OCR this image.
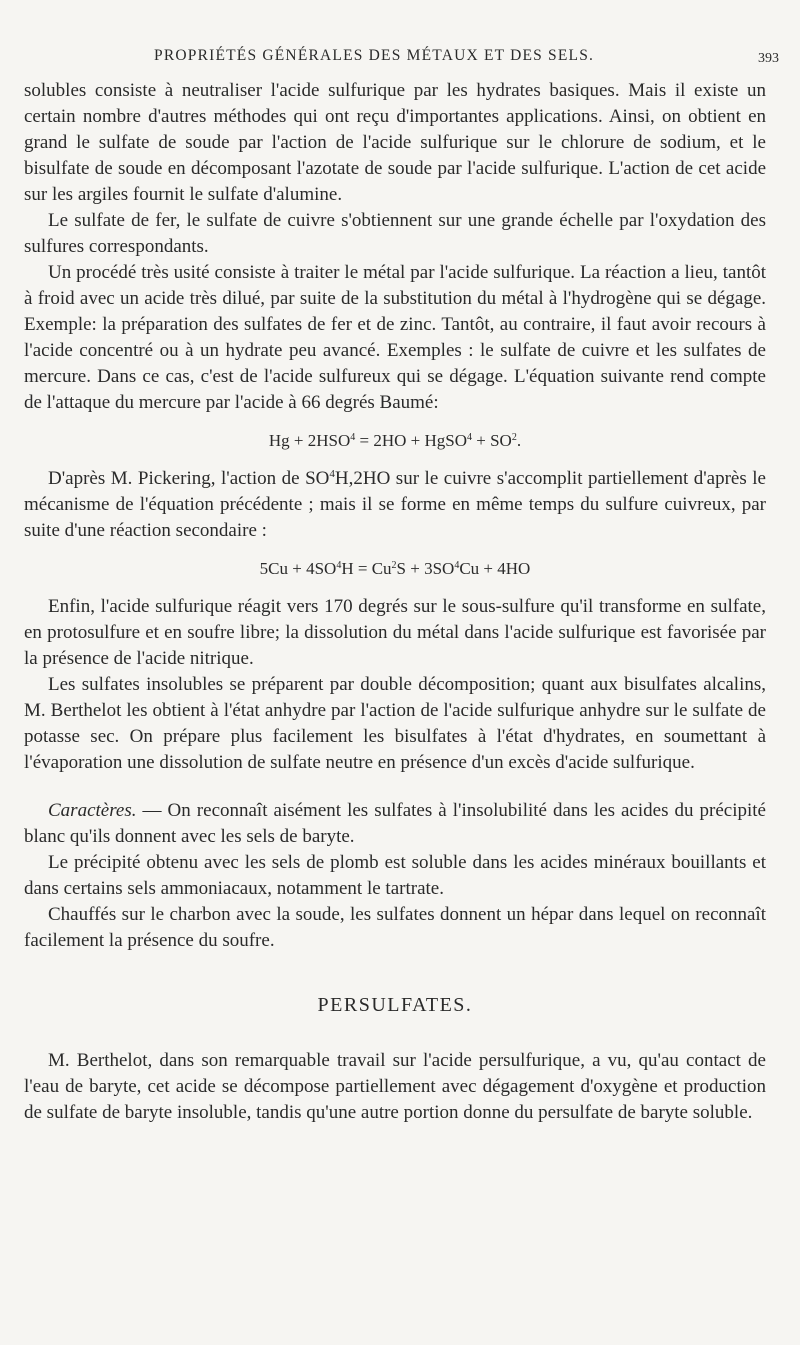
PROPRIÉTÉS GÉNÉRALES DES MÉTAUX ET DES SELS.	393

solubles consiste à neutraliser l'acide sulfurique par les hydrates basiques. Mais il existe un certain nombre d'autres méthodes qui ont reçu d'importantes applications. Ainsi, on obtient en grand le sulfate de soude par l'action de l'acide sulfurique sur le chlorure de sodium, et le bisulfate de soude en décomposant l'azotate de soude par l'acide sulfurique. L'action de cet acide sur les argiles fournit le sulfate d'alumine.

Le sulfate de fer, le sulfate de cuivre s'obtiennent sur une grande échelle par l'oxydation des sulfures correspondants.

Un procédé très usité consiste à traiter le métal par l'acide sulfurique. La réaction a lieu, tantôt à froid avec un acide très dilué, par suite de la substitution du métal à l'hydrogène qui se dégage. Exemple: la préparation des sulfates de fer et de zinc. Tantôt, au contraire, il faut avoir recours à l'acide concentré ou à un hydrate peu avancé. Exemples : le sulfate de cuivre et les sulfates de mercure. Dans ce cas, c'est de l'acide sulfureux qui se dégage. L'équation suivante rend compte de l'attaque du mercure par l'acide à 66 degrés Baumé:

$Hg + 2HSO^4 = 2HO$ + HgSO$^4$ + $SO^2$.

D'après M. Pickering, l'action de $SO^4H,2HO$ sur le cuivre s'accomplit partiellement d'après le mécanisme de l'équation précédente ; mais il se forme en même temps du sulfure cuivreux, par suite d'une réaction secondaire :

$5Cu + 4SO^4H = Cu^2S + 3SO^4Cu + 4HO$

Enfin, l'acide sulfurique réagit vers 170 degrés sur le sous-sulfure qu'il transforme en sulfate, en protosulfure et en soufre libre; la dissolution du métal dans l'acide sulfurique est favorisée par la présence de l'acide nitrique.

Les sulfates insolubles se préparent par double décomposition; quant aux bisulfates alcalins, M. Berthelot les obtient à l'état anhydre par l'action de l'acide sulfurique anhydre sur le sulfate de potasse sec. On prépare plus facilement les bisulfates à l'état d'hydrates, en soumettant à l'évaporation une dissolution de sulfate neutre en présence d'un excès d'acide sulfurique.

Caractères. — On reconnaît aisément les sulfates à l'insolubilité dans les acides du précipité blanc qu'ils donnent avec les sels de baryte.

Le précipité obtenu avec les sels de plomb est soluble dans les acides minéraux bouillants et dans certains sels ammoniacaux, notamment le tartrate.

Chauffés sur le charbon avec la soude, les sulfates donnent un hépar dans lequel on reconnaît facilement la présence du soufre.

PERSULFATES.

M. Berthelot, dans son remarquable travail sur l'acide persulfurique, a vu, qu'au contact de l'eau de baryte, cet acide se décompose partiellement avec dégagement d'oxygène et production de sulfate de baryte insoluble, tandis qu'une autre portion donne du persulfate de baryte soluble.
